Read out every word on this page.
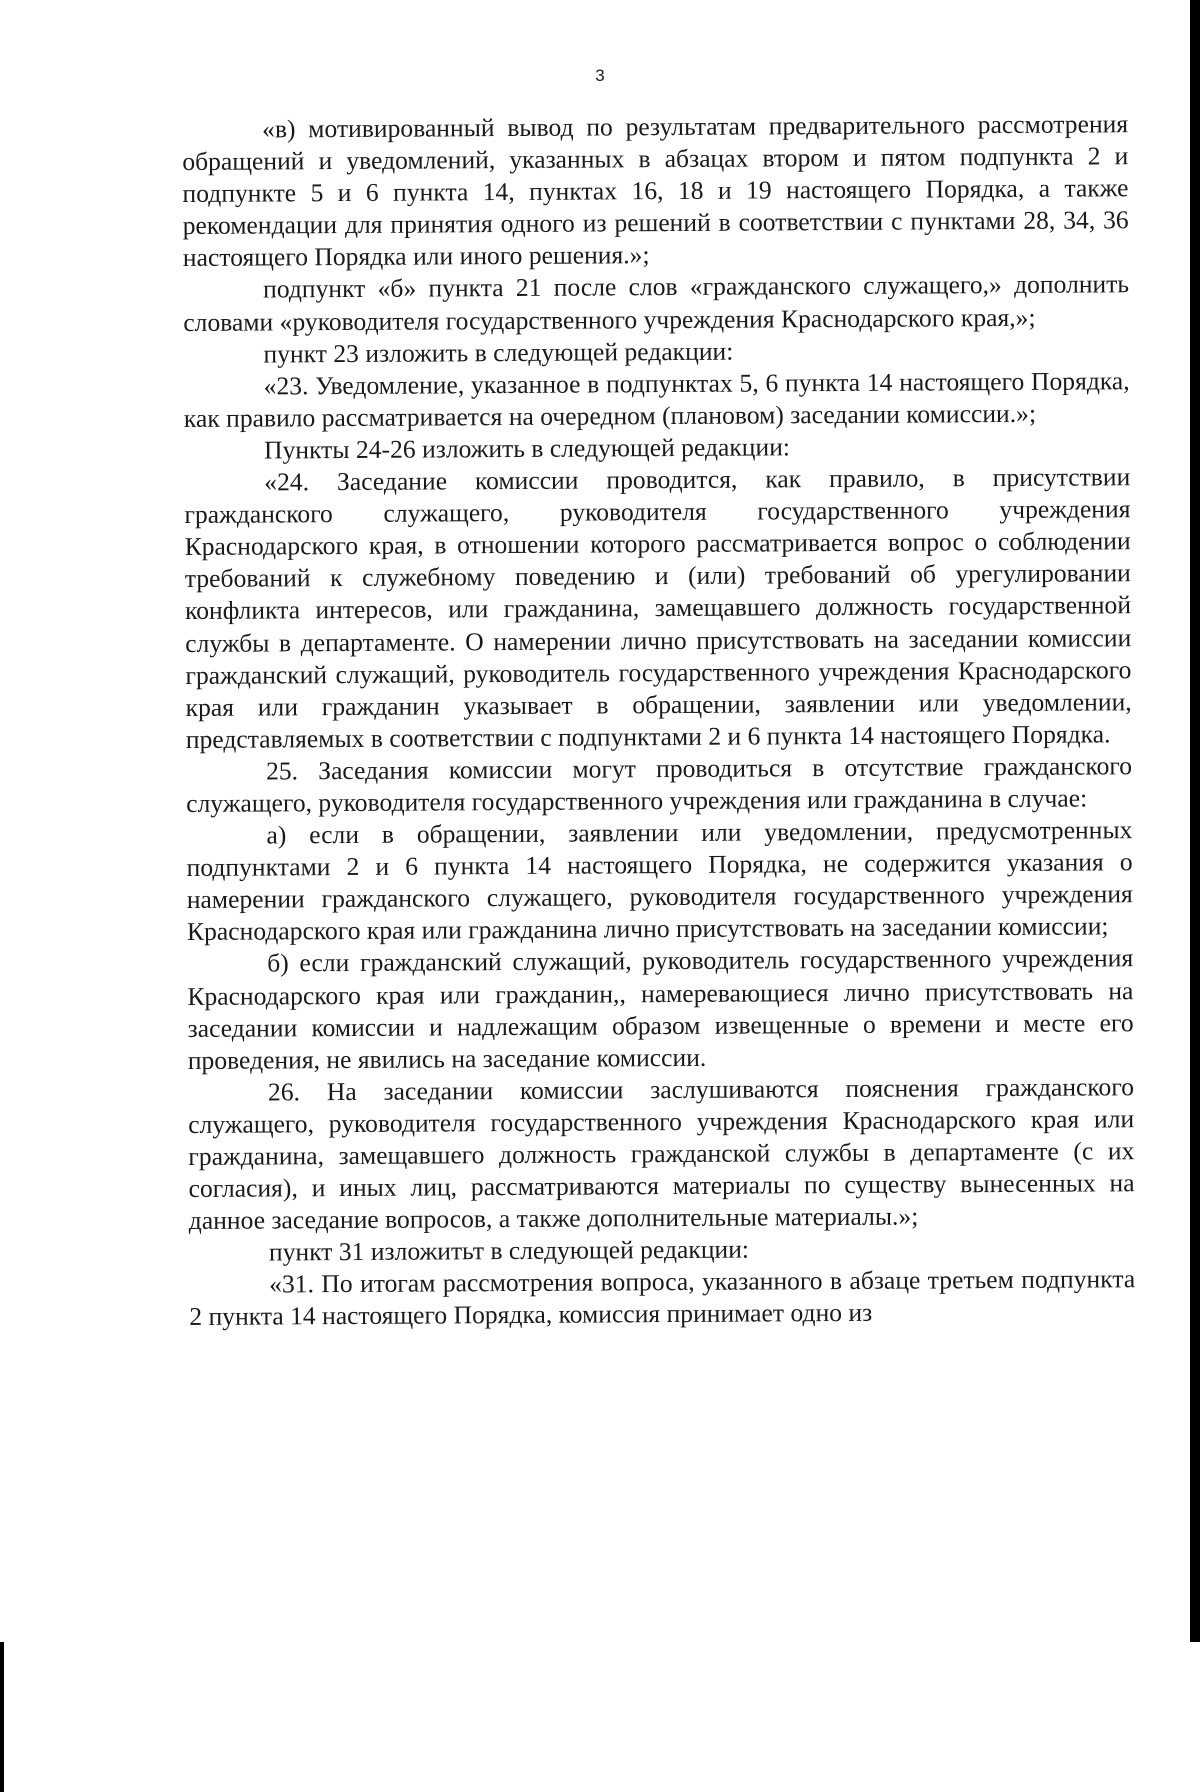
3

«в) мотивированный вывод по результатам предварительного рассмотрения обращений и уведомлений, указанных в абзацах втором и пятом подпункта 2 и подпункте 5 и 6 пункта 14, пунктах 16, 18 и 19 настоящего Порядка, а также рекомендации для принятия одного из решений в соответствии с пунктами 28, 34, 36 настоящего Порядка или иного решения.»;

подпункт «б» пункта 21 после слов «гражданского служащего,» дополнить словами «руководителя государственного учреждения Краснодарского края,»;

пункт 23 изложить в следующей редакции:

«23. Уведомление, указанное в подпунктах 5, 6 пункта 14 настоящего Порядка, как правило рассматривается на очередном (плановом) заседании комиссии.»;

Пункты 24-26 изложить в следующей редакции:

«24. Заседание комиссии проводится, как правило, в присутствии гражданского служащего, руководителя государственного учреждения Краснодарского края, в отношении которого рассматривается вопрос о соблюдении требований к служебному поведению и (или) требований об урегулировании конфликта интересов, или гражданина, замещавшего должность государственной службы в департаменте. О намерении лично присутствовать на заседании комиссии гражданский служащий, руководитель государственного учреждения Краснодарского края или гражданин указывает в обращении, заявлении или уведомлении, представляемых в соответствии с подпунктами 2 и 6 пункта 14 настоящего Порядка.

25. Заседания комиссии могут проводиться в отсутствие гражданского служащего, руководителя государственного учреждения или гражданина в случае:

а) если в обращении, заявлении или уведомлении, предусмотренных подпунктами 2 и 6 пункта 14 настоящего Порядка, не содержится указания о намерении гражданского служащего, руководителя государственного учреждения Краснодарского края или гражданина лично присутствовать на заседании комиссии;

б) если гражданский служащий, руководитель государственного учреждения Краснодарского края или гражданин,, намеревающиеся лично присутствовать на заседании комиссии и надлежащим образом извещенные о времени и месте его проведения, не явились на заседание комиссии.

26. На заседании комиссии заслушиваются пояснения гражданского служащего, руководителя государственного учреждения Краснодарского края или гражданина, замещавшего должность гражданской службы в департаменте (с их согласия), и иных лиц, рассматриваются материалы по существу вынесенных на данное заседание вопросов, а также дополнительные материалы.»;

пункт 31 изложитьт в следующей редакции:

«31. По итогам рассмотрения вопроса, указанного в абзаце третьем подпункта 2 пункта 14 настоящего Порядка, комиссия принимает одно из
